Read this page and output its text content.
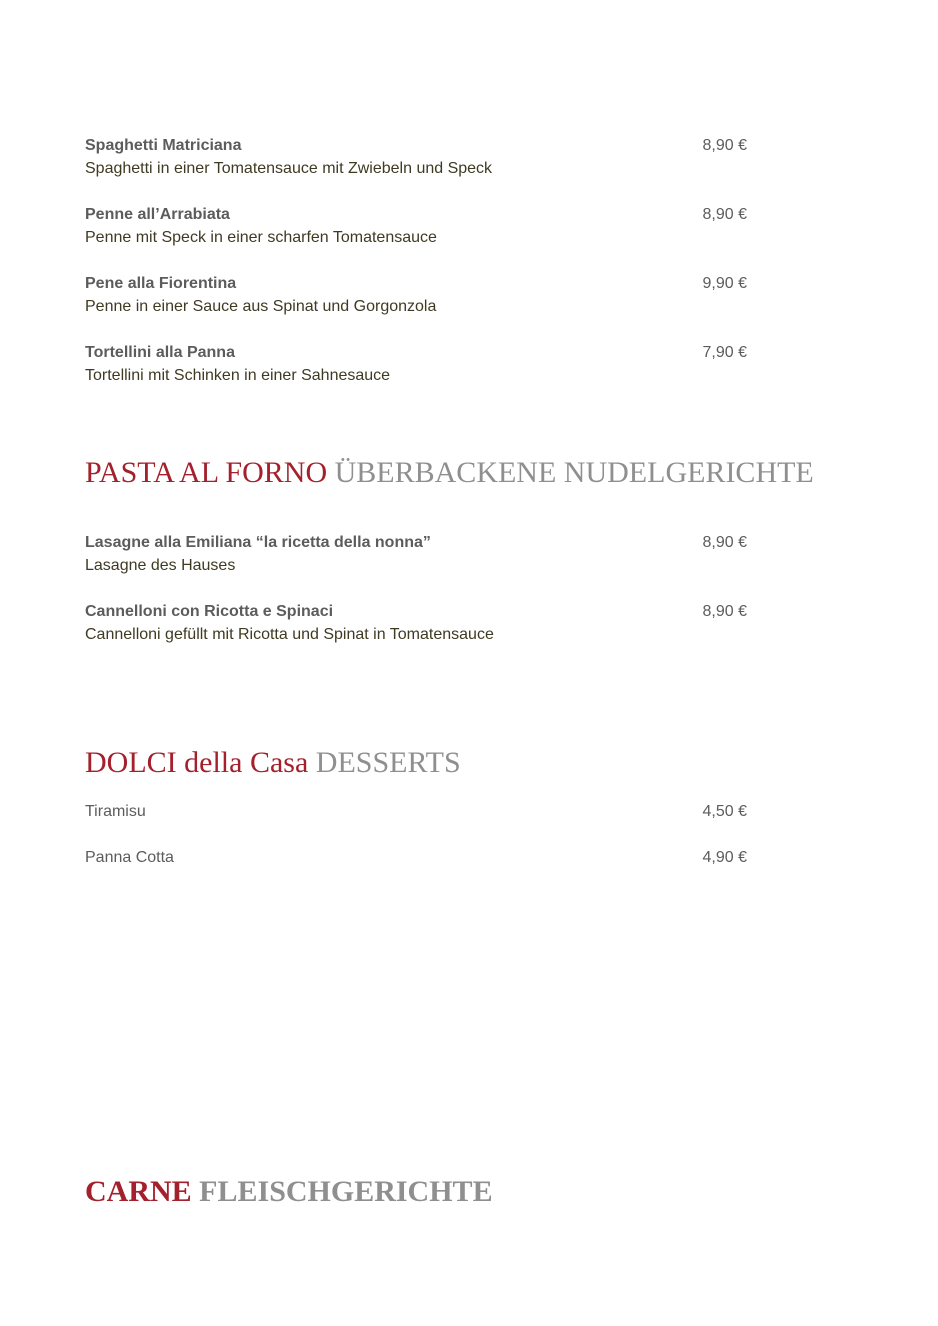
Spaghetti Matriciana	8,90 €
Spaghetti in einer Tomatensauce mit Zwiebeln und Speck
Penne all’Arrabiata	8,90 €
Penne mit Speck in einer scharfen Tomatensauce
Pene alla Fiorentina	9,90 €
Penne in einer Sauce aus Spinat und Gorgonzola
Tortellini alla Panna	7,90 €
Tortellini mit Schinken in einer Sahnesauce
PASTA AL FORNO ÜBERBACKENE NUDELGERICHTE
Lasagne alla Emiliana “la ricetta della nonna”	8,90 €
Lasagne des Hauses
Cannelloni con Ricotta e Spinaci	8,90 €
Cannelloni gefüllt mit Ricotta und Spinat in Tomatensauce
DOLCI della Casa DESSERTS
Tiramisu	4,50 €
Panna Cotta	4,90 €
CARNE FLEISCHGERICHTE
